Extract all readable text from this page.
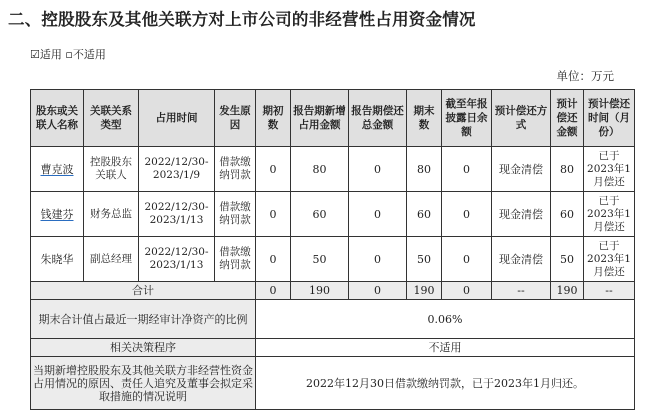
二、控股股东及其他关联方对上市公司的非经营性占用资金情况
☑适用 ▫不适用
单位：万元
股东或关联人名称	关联关系类型	占用时间	发生原因	期初数	报告期新增占用金额	报告期偿还总金额	期末数	截至年报披露日余额	预计偿还方式	预计偿还金额	预计偿还时间（月份）
曹克波	控股股东关联人	2022/12/30-2023/1/9	借款缴纳罚款	0	80	0	80	0	现金清偿	80	已于2023年1月偿还
钱建芬	财务总监	2022/12/30-2023/1/13	借款缴纳罚款	0	60	0	60	0	现金清偿	60	已于2023年1月偿还
朱晓华	副总经理	2022/12/30-2023/1/13	借款缴纳罚款	0	50	0	50	0	现金清偿	50	已于2023年1月偿还
合计				0	190	0	190	0	--	190	--
期末合计值占最近一期经审计净资产的比例				0.06%							
相关决策程序				不适用							
当期新增控股股东及其他关联方非经营性资金占用情况的原因、责任人追究及董事会拟定采取措施的情况说明				2022年12月30日借款缴纳罚款，已于2023年1月归还。							
